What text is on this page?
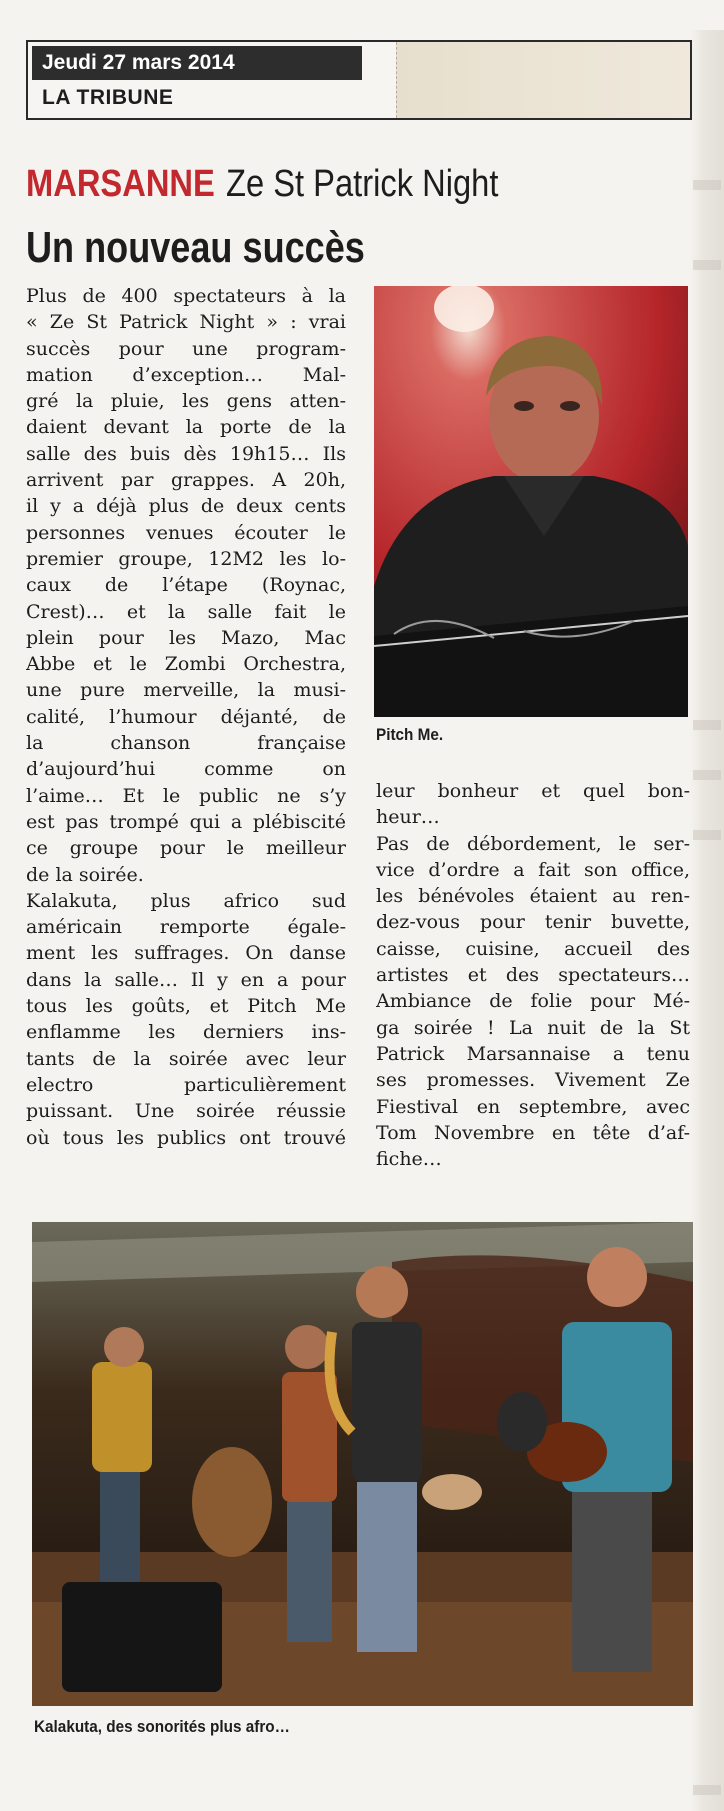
Jeudi 27 mars 2014
LA TRIBUNE
MARSANNE Ze St Patrick Night
Un nouveau succès
Plus de 400 spectateurs à la
« Ze St Patrick Night » : vrai
succès pour une program-
mation d’exception… Mal-
gré la pluie, les gens atten-
daient devant la porte de la
salle des buis dès 19h15… Ils
arrivent par grappes. A 20h,
il y a déjà plus de deux cents
personnes venues écouter le
premier groupe, 12M2 les lo-
caux de l’étape (Roynac,
Crest)… et la salle fait le
plein pour les Mazo, Mac
Abbe et le Zombi Orchestra,
une pure merveille, la musi-
calité, l’humour déjanté, de
la chanson française
d’aujourd’hui comme on
l’aime… Et le public ne s’y
est pas trompé qui a plébiscité
ce groupe pour le meilleur
de la soirée.
Kalakuta, plus africo sud
américain remporte égale-
ment les suffrages. On danse
dans la salle… Il y en a pour
tous les goûts, et Pitch Me
enflamme les derniers ins-
tants de la soirée avec leur
electro particulièrement
puissant. Une soirée réussie
où tous les publics ont trouvé
Pitch Me.
leur bonheur et quel bon-
heur…
Pas de débordement, le ser-
vice d’ordre a fait son office,
les bénévoles étaient au ren-
dez-vous pour tenir buvette,
caisse, cuisine, accueil des
artistes et des spectateurs…
Ambiance de folie pour Mé-
ga soirée ! La nuit de la St
Patrick Marsannaise a tenu
ses promesses. Vivement Ze
Fiestival en septembre, avec
Tom Novembre en tête d’af-
fiche…
Kalakuta, des sonorités plus afro…
